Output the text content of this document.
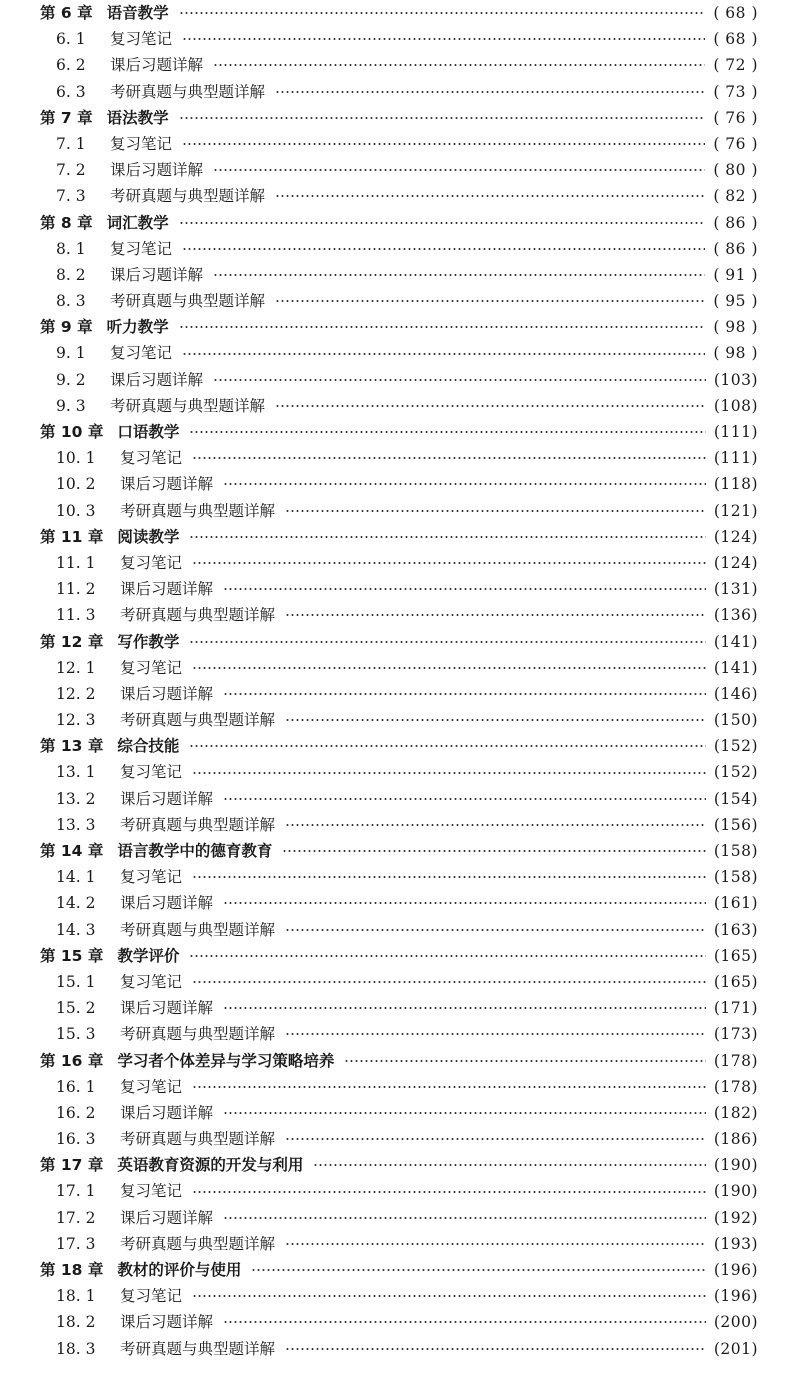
第 6 章 语音教学	( 68 )
6. 1	复习笔记	( 68 )
6. 2	课后习题详解	( 72 )
6. 3	考研真题与典型题详解	( 73 )
第 7 章 语法教学	( 76 )
7. 1	复习笔记	( 76 )
7. 2	课后习题详解	( 80 )
7. 3	考研真题与典型题详解	( 82 )
第 8 章 词汇教学	( 86 )
8. 1	复习笔记	( 86 )
8. 2	课后习题详解	( 91 )
8. 3	考研真题与典型题详解	( 95 )
第 9 章 听力教学	( 98 )
9. 1	复习笔记	( 98 )
9. 2	课后习题详解	(103)
9. 3	考研真题与典型题详解	(108)
第 10 章 口语教学	(111)
10. 1	复习笔记	(111)
10. 2	课后习题详解	(118)
10. 3	考研真题与典型题详解	(121)
第 11 章 阅读教学	(124)
11. 1	复习笔记	(124)
11. 2	课后习题详解	(131)
11. 3	考研真题与典型题详解	(136)
第 12 章 写作教学	(141)
12. 1	复习笔记	(141)
12. 2	课后习题详解	(146)
12. 3	考研真题与典型题详解	(150)
第 13 章 综合技能	(152)
13. 1	复习笔记	(152)
13. 2	课后习题详解	(154)
13. 3	考研真题与典型题详解	(156)
第 14 章 语言教学中的德育教育	(158)
14. 1	复习笔记	(158)
14. 2	课后习题详解	(161)
14. 3	考研真题与典型题详解	(163)
第 15 章 教学评价	(165)
15. 1	复习笔记	(165)
15. 2	课后习题详解	(171)
15. 3	考研真题与典型题详解	(173)
第 16 章 学习者个体差异与学习策略培养	(178)
16. 1	复习笔记	(178)
16. 2	课后习题详解	(182)
16. 3	考研真题与典型题详解	(186)
第 17 章 英语教育资源的开发与利用	(190)
17. 1	复习笔记	(190)
17. 2	课后习题详解	(192)
17. 3	考研真题与典型题详解	(193)
第 18 章 教材的评价与使用	(196)
18. 1	复习笔记	(196)
18. 2	课后习题详解	(200)
18. 3	考研真题与典型题详解	(201)
